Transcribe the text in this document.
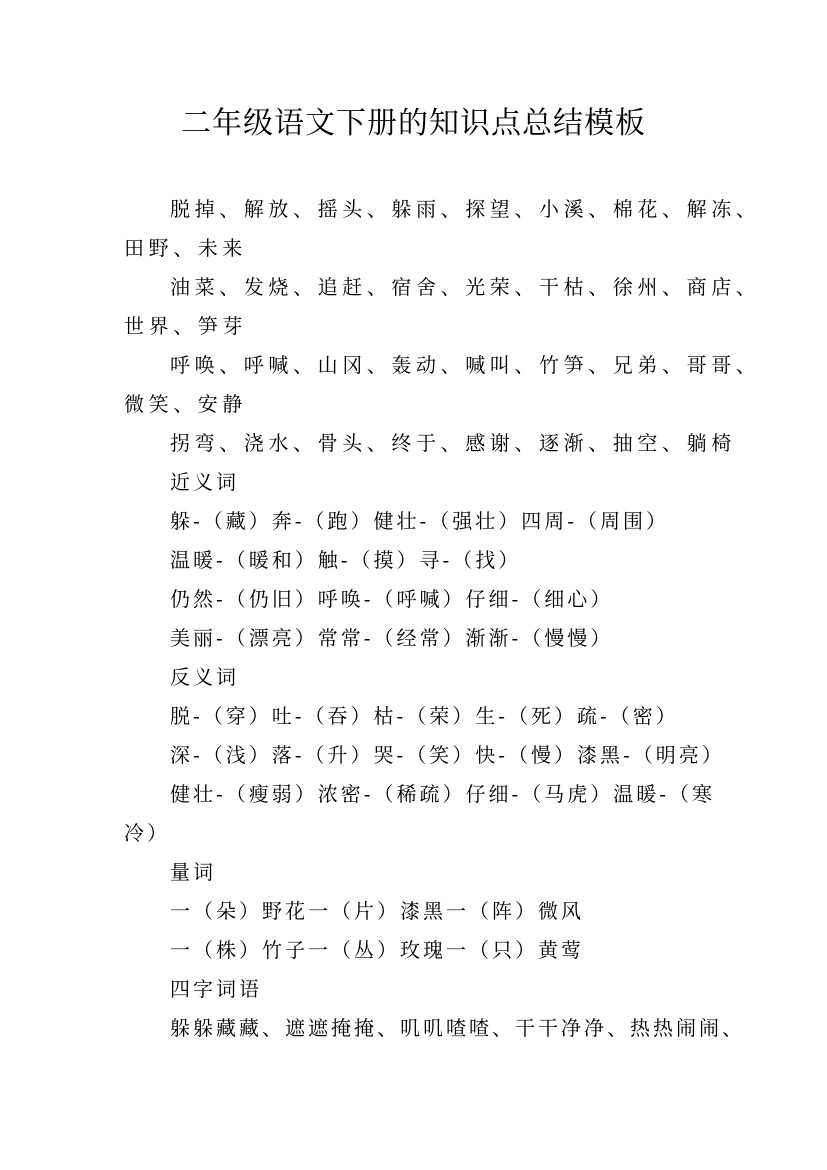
二年级语文下册的知识点总结模板

脱掉、解放、摇头、躲雨、探望、小溪、棉花、解冻、

田野、未来

油菜、发烧、追赶、宿舍、光荣、干枯、徐州、商店、

世界、笋芽

呼唤、呼喊、山冈、轰动、喊叫、竹笋、兄弟、哥哥、

微笑、安静

拐弯、浇水、骨头、终于、感谢、逐渐、抽空、躺椅

近义词

躲-（藏）奔-（跑）健壮-（强壮）四周-（周围）

温暖-（暖和）触-（摸）寻-（找）

仍然-（仍旧）呼唤-（呼喊）仔细-（细心）

美丽-（漂亮）常常-（经常）渐渐-（慢慢）

反义词

脱-（穿）吐-（吞）枯-（荣）生-（死）疏-（密）

深-（浅）落-（升）哭-（笑）快-（慢）漆黑-（明亮）

健壮-（瘦弱）浓密-（稀疏）仔细-（马虎）温暖-（寒

冷）

量词

一（朵）野花一（片）漆黑一（阵）微风

一（株）竹子一（丛）玫瑰一（只）黄莺

四字词语

躲躲藏藏、遮遮掩掩、叽叽喳喳、干干净净、热热闹闹、
